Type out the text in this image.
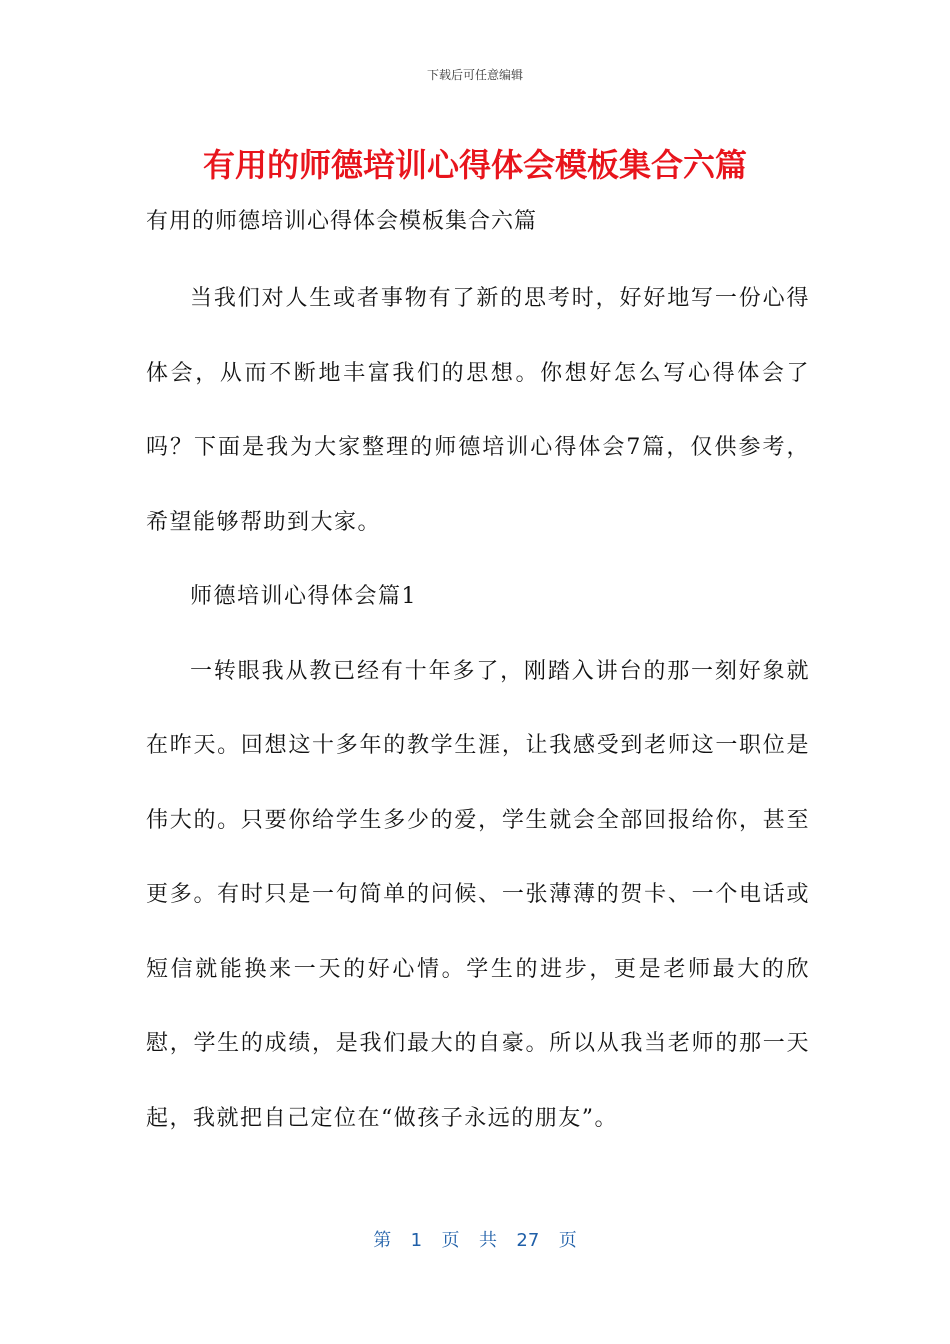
下载后可任意编辑
有用的师德培训心得体会模板集合六篇
有用的师德培训心得体会模板集合六篇

当我们对人生或者事物有了新的思考时，好好地写一份心得体会，从而不断地丰富我们的思想。你想好怎么写心得体会了吗？下面是我为大家整理的师德培训心得体会7篇，仅供参考，希望能够帮助到大家。

师德培训心得体会篇1

一转眼我从教已经有十年多了，刚踏入讲台的那一刻好象就在昨天。回想这十多年的教学生涯，让我感受到老师这一职位是伟大的。只要你给学生多少的爱，学生就会全部回报给你，甚至更多。有时只是一句简单的问候、一张薄薄的贺卡、一个电话或短信就能换来一天的好心情。学生的进步，更是老师最大的欣慰，学生的成绩，是我们最大的自豪。所以从我当老师的那一天起，我就把自己定位在“做孩子永远的朋友”。

第  1  页  共  27  页
